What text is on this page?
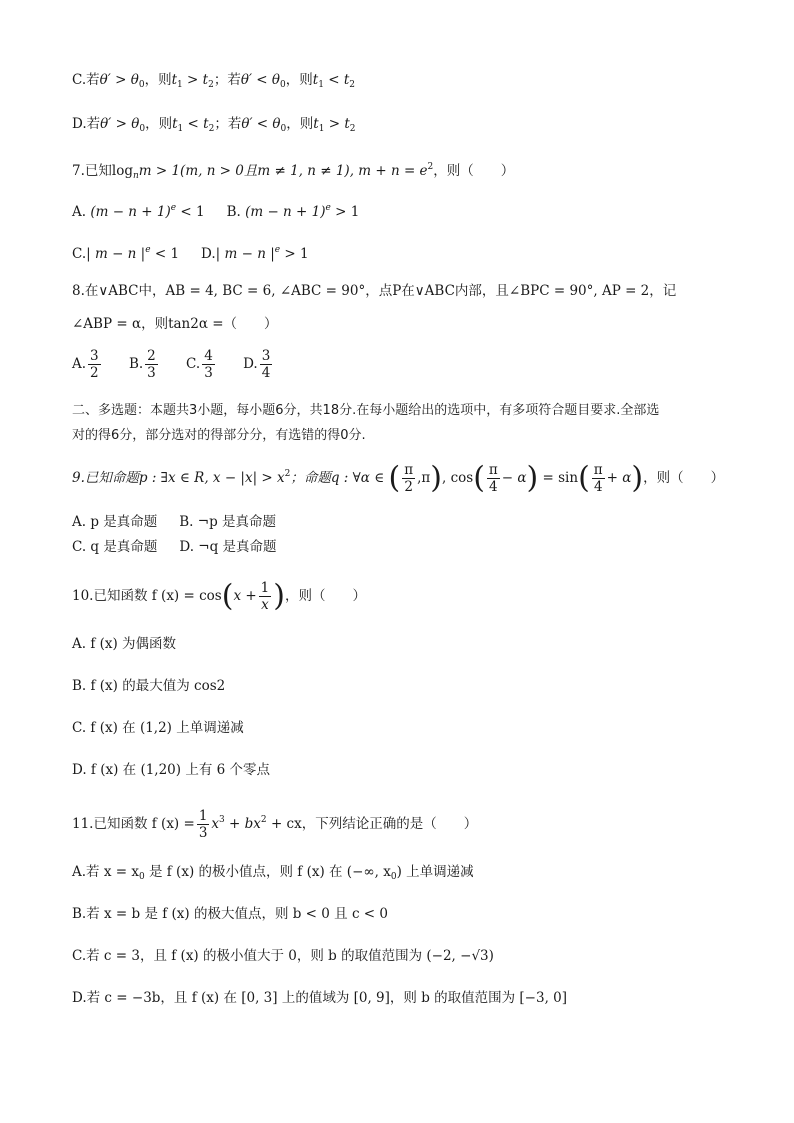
C.若$\theta' > \theta_0$，则$t_1 > t_2$；若$\theta' < \theta_0$，则$t_1 < t_2$
D.若$\theta' > \theta_0$，则$t_1 < t_2$；若$\theta' < \theta_0$，则$t_1 > t_2$
7.已知$\log_nm > 1(m$, n > 0且m ≠ 1, n ≠ 1), $m + n = e^2$，则（　　）
A. $(m - n + 1)^e < 1$ B. $(m - n + 1)^e > 1$
C.| m − n $|^e < 1$ D.| m − n $|^e > 1$
8.在∨ABC中，AB = 4, BC = 6, ∠ABC = 90°，点P在∨ABC内部，且∠BPC = 90°, AP = 2，记
∠ABP = α，则tan2α =（　　）
A. $\frac{3}{2} B$. $\frac{2}{3} C$. $\frac{4}{3} D$. $\frac{3}{4}$
二、多选题：本题共3小题，每小题6分，共18分.在每小题给出的选项中，有多项符合题目要求.全部选
对的得6分，部分选对的得部分分，有选错的得0分.
9.已知命题p : ∃x ∈ R, $x - |x| > x^2$；命题q : ∀α ∈ ( $\frac{\pi}{2} ,\pi$), $\cos( \frac{\pi}{4} - \alpha) = \sin( \frac{\pi}{4} + \alpha)$，则（　　）
A. p 是真命题 B. ¬p 是真命题
C. q 是真命题 D. ¬q 是真命题
10.已知函数 f $(x) = \cos(x + \frac{1}{x}$ )，则（　　）
A. f (x) 为偶函数
B. f (x) 的最大值为 cos2
C. f (x) 在 (1,2) 上单调递减
D. f (x) 在 (1,20) 上有 6 个零点
11.已知函数 f $(x) = \frac{1}{3} x^3 + bx^2$ + cx，下列结论正确的是（　　）
A.若 $x = x_0$ 是 f (x) 的极小值点，则 f (x) 在 (−∞, $x_0$) 上单调递减
B.若 x = b 是 f (x) 的极大值点，则 b < 0 且 c < 0
C.若 c = 3，且 f (x) 的极小值大于 0，则 b 的取值范围为 (−2, −√3)
D.若 c = −3b，且 f (x) 在 [0, 3] 上的值域为 [0, 9]，则 b 的取值范围为 [−3, 0]
